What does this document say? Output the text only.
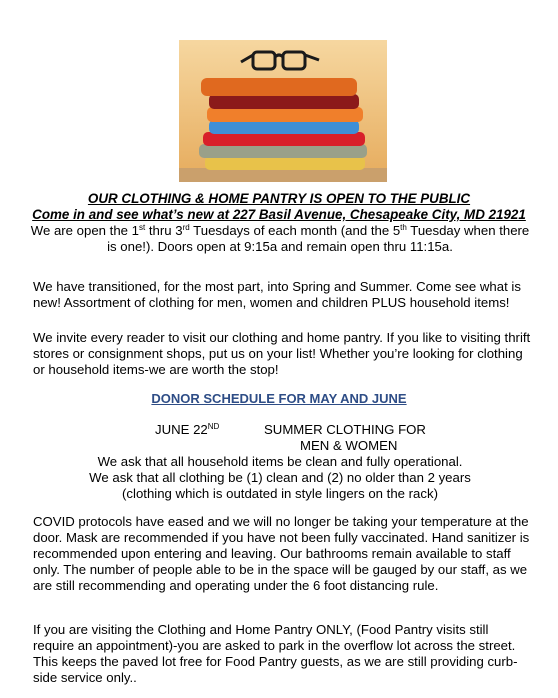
OUR CLOTHING & HOME PANTRY IS OPEN TO THE PUBLIC
Come in and see what’s new at 227 Basil Avenue, Chesapeake City, MD 21921
We are open the 1st thru 3rd Tuesdays of each month (and the 5th Tuesday when there is one!). Doors open at 9:15a and remain open thru 11:15a.
We have transitioned, for the most part, into Spring and Summer. Come see what is new! Assortment of clothing for men, women and children PLUS household items!
We invite every reader to visit our clothing and home pantry. If you like to visiting thrift stores or consignment shops, put us on your list! Whether you’re looking for clothing or household items-we are worth the stop!
DONOR SCHEDULE FOR MAY AND JUNE
JUNE 22ND	SUMMER CLOTHING FOR
MEN & WOMEN
We ask that all household items be clean and fully operational.
We ask that all clothing be (1) clean and (2) no older than 2 years
(clothing which is outdated in style lingers on the rack)
COVID protocols have eased and we will no longer be taking your temperature at the door. Mask are recommended if you have not been fully vaccinated. Hand sanitizer is recommended upon entering and leaving. Our bathrooms remain available to staff only. The number of people able to be in the space will be gauged by our staff, as we are still recommending and operating under the 6 foot distancing rule.
If you are visiting the Clothing and Home Pantry ONLY, (Food Pantry visits still require an appointment)-you are asked to park in the overflow lot across the street. This keeps the paved lot free for Food Pantry guests, as we are still providing curb-side service only..
